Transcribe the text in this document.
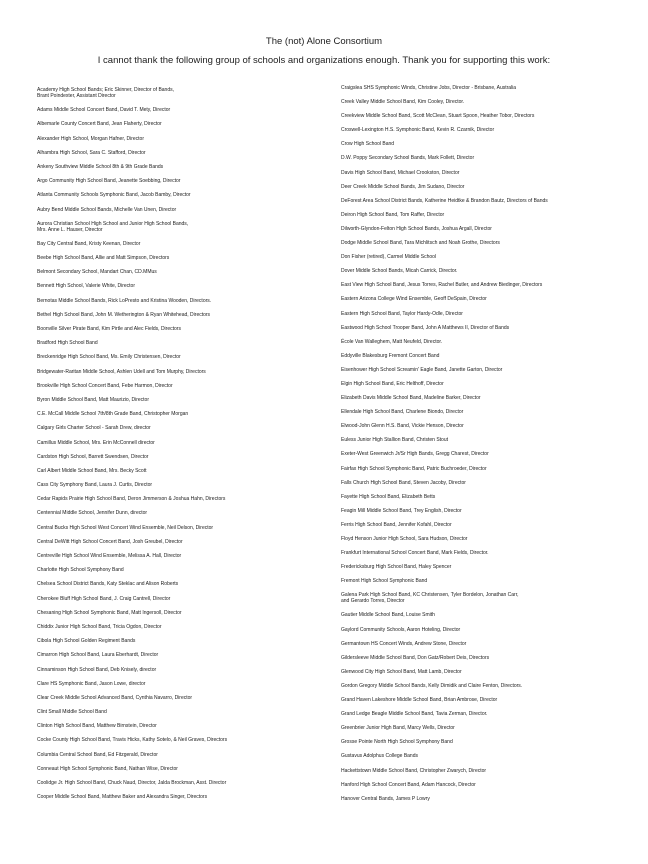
The (not) Alone Consortium
I cannot thank the following group of schools and organizations enough. Thank you for supporting this work:
Academy High School Bands; Eric Skinner, Director of Bands,
Brant Poindexter, Assistant Director
Adams Middle School Concert Band, David T. Mety, Director
Albemarle County Concert Band, Jean Flaherty, Director
Alexander High School, Morgan Hafner, Director
Alhambra High School, Sara C. Stafford, Director
Ankeny Southview Middle School 8th & 9th Grade Bands
Argo Community High School Band, Jeanette Soebbing, Director
Atlanta Community Schools Symphonic Band, Jacob Bamby, Director
Aubry Bend Middle School Bands, Michelle Van Unen, Director
Aurora Christian School High School and Junior High School Bands,
Mrs. Anne L. Hauser, Director
Bay City Central Band, Kristy Keenan, Director
Beebe High School Band, Allie and Matt Simpson, Directors
Belmont Secondary School, Mandart Chan, CD.MMus
Bennett High School, Valerie White, Director
Bernotas Middle School Bands, Rick LoPresto and Kristina Wooden, Directors.
Bethel High School Band, John M. Wetherington & Ryan Whitehead, Directors
Boonville Silver Pirate Band, Kim Pirtle and Alec Fields, Directors
Bradford High School Band
Breckenridge High School Band, Ms. Emily Christensen, Director
Bridgewater-Raritan Middle School, Ashlen Udell and Tom Murphy, Directors
Brookville High School Concert Band, Febe Harmon, Director
Byron Middle School Band, Matt Maurizio, Director
C.E. McCall Middle School 7th/8th Grade Band, Christopher Morgan
Calgary Girls Charter School - Sarah Drew, director
Camillus Middle School, Mrs. Erin McConnell director
Cardston High School, Barrett Swendsen, Director
Carl Albert Middle School Band, Mrs. Becky Scott
Cass City Symphony Band, Laura J. Curtis, Director
Cedar Rapids Prairie High School Band, Deron Jimmerson & Joshua Hahn, Directors
Centennial Middle School, Jennifer Dunn, director
Central Bucks High School West Concert Wind Ensemble, Neil Delson, Director
Central DeWitt High School Concert Band, Josh Greubel, Director
Centreville High School Wind Ensemble, Melissa A. Hall, Director
Charlotte High School Symphony Band
Chelsea School District Bands, Katy Steklac and Alison Roberts
Cherokee Bluff High School Band, J. Craig Cantrell, Director
Chesaning High School Symphonic Band, Matt Ingersoll, Director
Chiddix Junior High School Band, Tricia Ogdon, Director
Cibola High School Golden Regiment Bands
Cimarron High School Band, Laura Eberhardt, Director
Cinnaminson High School Band, Deb Knisely, director
Clare HS Symphonic Band, Jason Lowe, director
Clear Creek Middle School Advanced Band, Cynthia Navarro, Director
Clint Small Middle School Band
Clinton High School Band, Matthew Birnstein, Director
Cocke County High School Band, Travis Hicks, Kathy Sotelo, & Neil Graves, Directors
Columbia Central School Band, Ed Fitzgerald, Director
Conneaut High School Symphonic Band, Nathan Wise, Director
Coolidge Jr. High School Band, Chuck Naud, Director, Jalda Brockman, Asst. Director
Cooper Middle School Band, Matthew Baker and Alexandra Singer, Directors
Craigslea SHS Symphonic Winds, Christine Jobs, Director - Brisbane, Australia
Creek Valley Middle School Band, Kim Cooley, Director.
Creekview Middle School Band, Scott McClean, Stuart Spoon, Heather Tobor, Directors
Croswell-Lexington H.S. Symphonic Band, Kevin R. Czarnik, Director
Crow High School Band
D.W. Poppy Secondary School Bands, Mark Follett, Director
Davis High School Band, Michael Crookston, Director
Deer Creek Middle School Bands, Jim Sudano, Director
DeForest Area School District Bands, Katherine Heidtke & Brandon Bautz, Directors of Bands
Deiron High School Band, Tom Raffer, Director
Dilworth-Glyndon-Felton High School Bands, Joshua Argall, Director
Dodge Middle School Band, Tara Michlitsch and Noah Grothe, Directors
Don Fisher (retired), Carmel Middle School
Dover Middle School Bands, Micah Carrick, Director.
East View High School Band, Jesus Torres, Rachel Butler, and Andrew Biedinger, Directors
Eastern Arizona College Wind Ensemble, Geoff DeSpain, Director
Eastern High School Band, Taylor Hardy-Odle, Director
Eastwood High School Trooper Band, John A Matthews II, Director of Bands
École Van Walleghem, Matt Neufeld, Director.
Eddyville Blakesburg Fremont Concert Band
Eisenhower High School Screamin' Eagle Band, Janette Garton, Director
Elgin High School Band, Eric Helthoff, Director
Elizabeth Davis Middle School Band, Madeline Barker, Director
Ellendale High School Band, Charlene Biondo, Director
Elwood-John Glenn H.S. Band, Vickie Henson, Director
Euless Junior High Stallion Band, Christen Stout
Exeter-West Greenwich Jr/Sr High Bands, Gregg Charest, Director
Fairfax High School Symphonic Band, Patric Buchroeder, Director
Falls Church High School Band, Steven Jacoby, Director
Fayette High School Band, Elizabeth Betts
Feagin Mill Middle School Band, Trey English, Director
Ferris High School Band, Jennifer Kofahl, Director
Floyd Henson Junior High School, Sara Hudson, Director
Frankfurt International School Concert Band, Mark Fields, Director.
Fredericksburg High School Band, Haley Spencer
Fremont High School Symphonic Band
Galena Park High School Band, KC Christensen, Tyler Bordelon, Jonathan Carr,
and Gerardo Torres, Director
Gautier Middle School Band, Louise Smith
Gaylord Community Schools, Aaron Hoteling, Director
Germantown HS Concert Winds, Andrew Stone, Director
Gildersleeve Middle School Band, Don Gatz/Robert Deis, Directors
Glenwood City High School Band, Matt Lamb, Director
Gordon Gregory Middle School Bands, Kelly Dimidik and Claire Fenton, Directors.
Grand Haven Lakeshore Middle School Band, Brian Ambrose, Director
Grand Ledge Beagle Middle School Band, Tavia Zerman, Director.
Greenbrier Junior High Band, Marcy Wells, Director
Grosse Pointe North High School Symphony Band
Gustavus Adolphus College Bands
Hackettstown Middle School Band, Christopher Zwarych, Director
Hanford High School Concert Band, Adam Hancock, Director
Hanover Central Bands, James P Lowry
